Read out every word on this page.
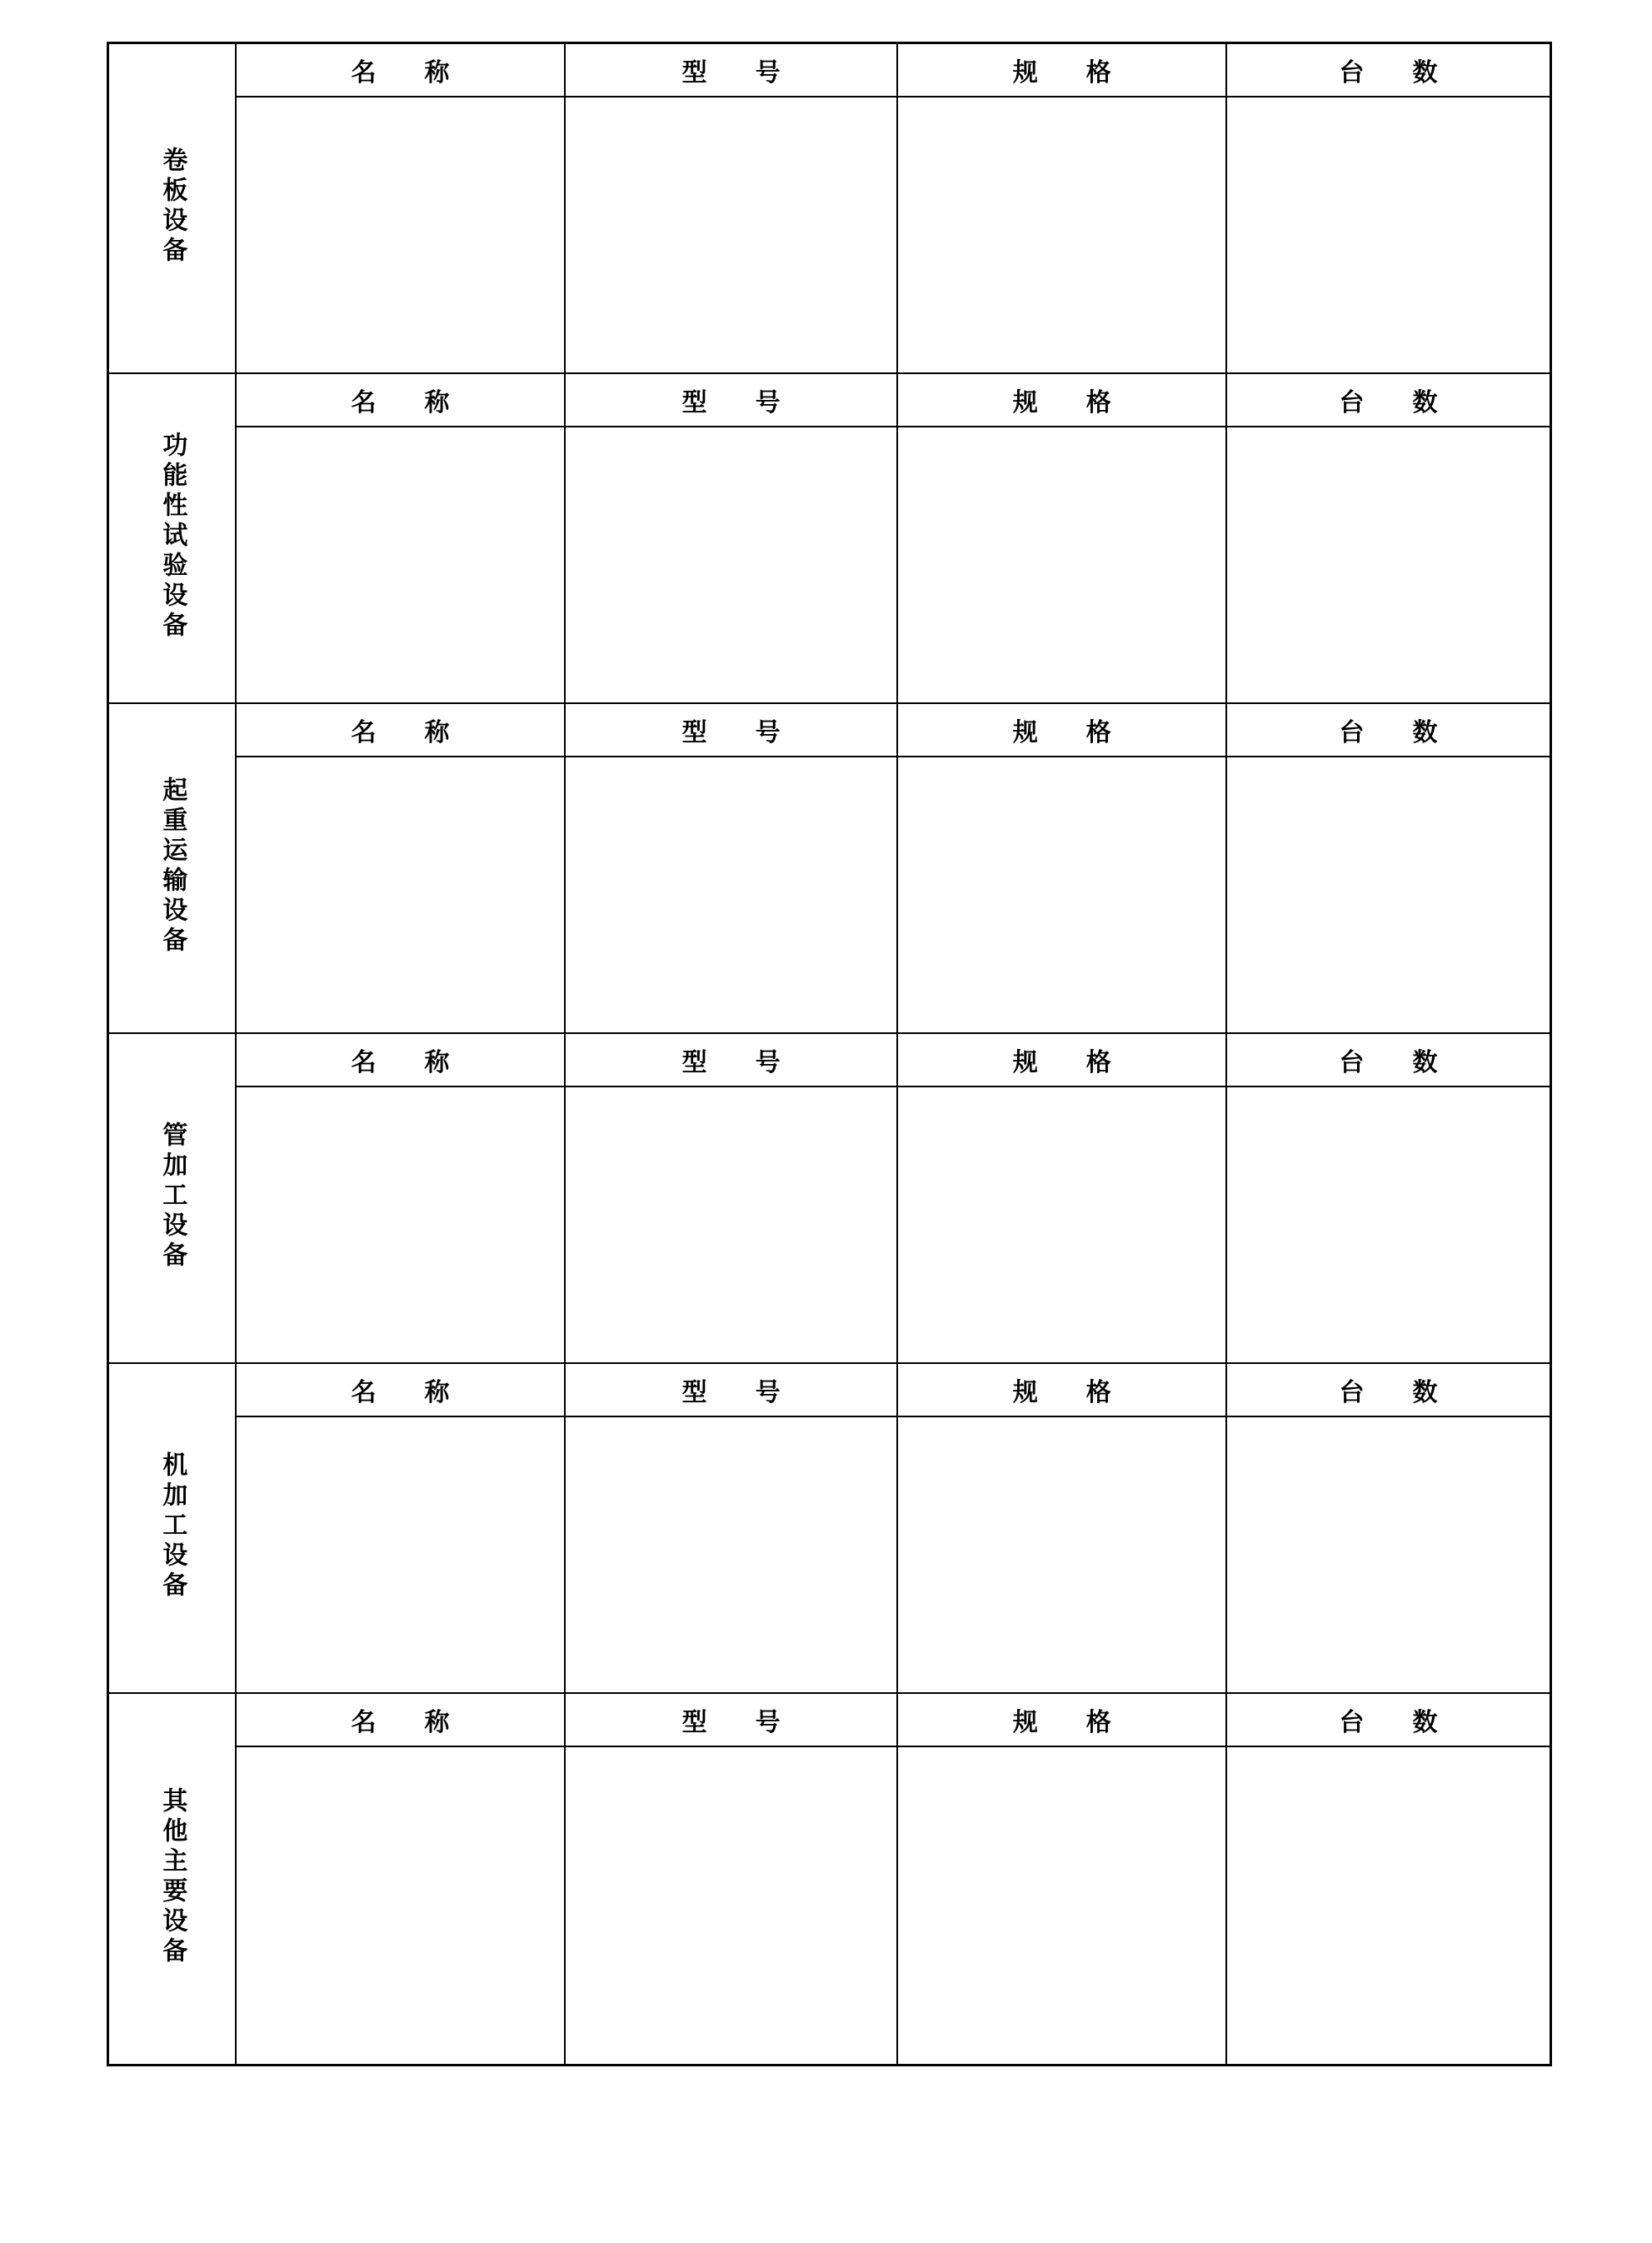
卷板设备	名　称	型　号	规　格	台　数

功能性试验设备	名　称	型　号	规　格	台　数

起重运输设备	名　称	型　号	规　格	台　数

管加工设备	名　称	型　号	规　格	台　数

机加工设备	名　称	型　号	规　格	台　数

其他主要设备	名　称	型　号	规　格	台　数
